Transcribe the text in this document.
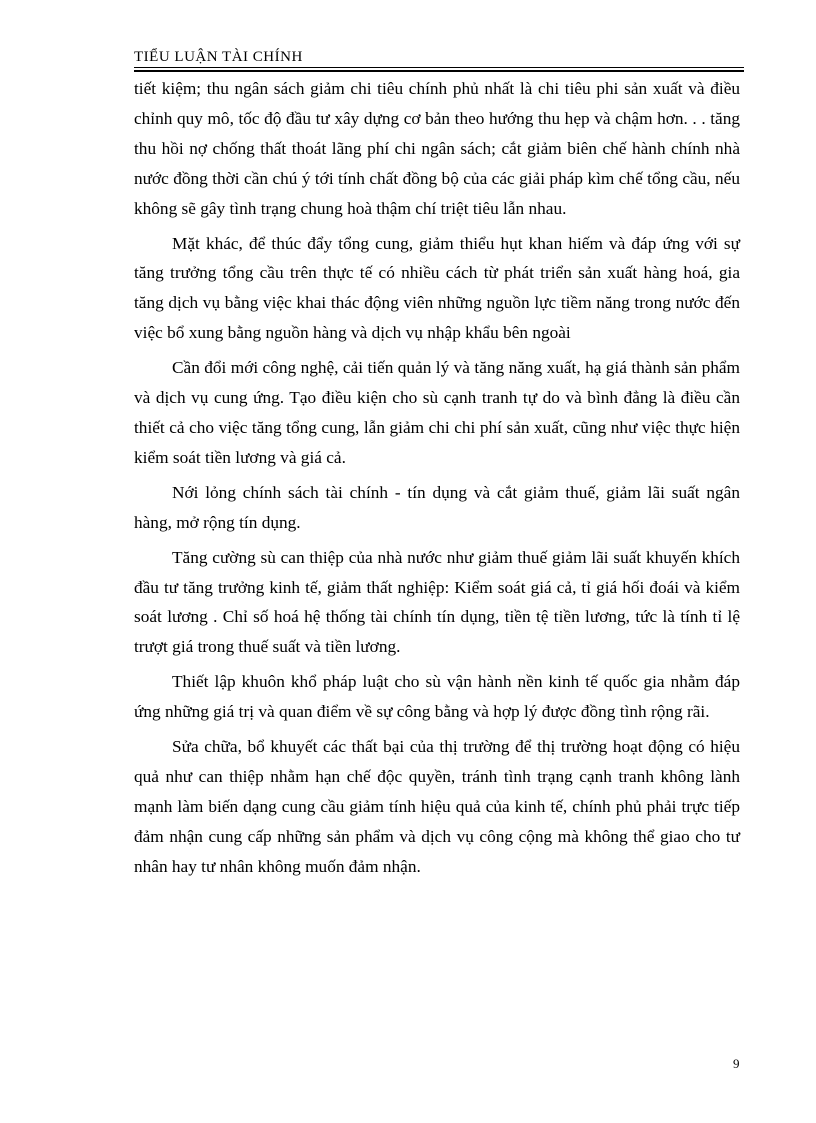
TIỂU LUẬN TÀI CHÍNH

tiết kiệm; thu ngân sách giảm chi tiêu chính phủ nhất là chi tiêu phi sản xuất và điều chỉnh quy mô, tốc độ đầu tư xây dựng cơ bản theo hướng thu hẹp và chậm hơn. . . tăng thu hồi nợ chống thất thoát lãng phí chi ngân sách; cắt giảm biên chế hành chính nhà nước đồng thời cần chú ý tới tính chất đồng bộ của các giải pháp kìm chế tổng cầu, nếu không sẽ gây tình trạng chung hoà thậm chí triệt tiêu lẫn nhau.

Mặt khác, để thúc đẩy tổng cung, giảm thiểu hụt khan hiếm và đáp ứng với sự tăng trưởng tổng cầu trên thực tế có nhiều cách từ phát triển sản xuất hàng hoá, gia tăng dịch vụ bằng việc khai thác động viên những nguồn lực tiềm năng trong nước đến việc bổ xung bằng nguồn hàng và dịch vụ nhập khẩu bên ngoài

Cần đổi mới công nghệ, cải tiến quản lý và tăng năng xuất, hạ giá thành sản phẩm và dịch vụ cung ứng. Tạo điều kiện cho sù cạnh tranh tự do và bình đẳng là điều cần thiết cả cho việc tăng tổng cung, lẫn giảm chi chi phí sản xuất, cũng như việc thực hiện kiểm soát tiền lương và giá cả.

Nới lỏng chính sách tài chính - tín dụng và cắt giảm thuế, giảm lãi suất ngân hàng, mở rộng tín dụng.

Tăng cường sù can thiệp của nhà nước như giảm thuế giảm lãi suất khuyến khích đầu tư tăng trưởng kinh tế, giảm thất nghiệp: Kiểm soát giá cả, tỉ giá hối đoái và kiểm soát lương . Chỉ số hoá hệ thống tài chính tín dụng, tiền tệ tiền lương, tức là tính tỉ lệ trượt giá trong thuế suất và tiền lương.

Thiết lập khuôn khổ pháp luật cho sù vận hành nền kinh tế quốc gia nhằm đáp ứng những giá trị và quan điểm về sự công bằng và hợp lý được đồng tình rộng rãi.

Sửa chữa, bổ khuyết các thất bại của thị trường để thị trường hoạt động có hiệu quả như can thiệp nhằm hạn chế độc quyền, tránh tình trạng cạnh tranh không lành mạnh làm biến dạng cung cầu giảm tính hiệu quả của kinh tế, chính phủ phải trực tiếp đảm nhận cung cấp những sản phẩm và dịch vụ công cộng mà không thể giao cho tư nhân hay tư nhân không muốn đảm nhận.

9
